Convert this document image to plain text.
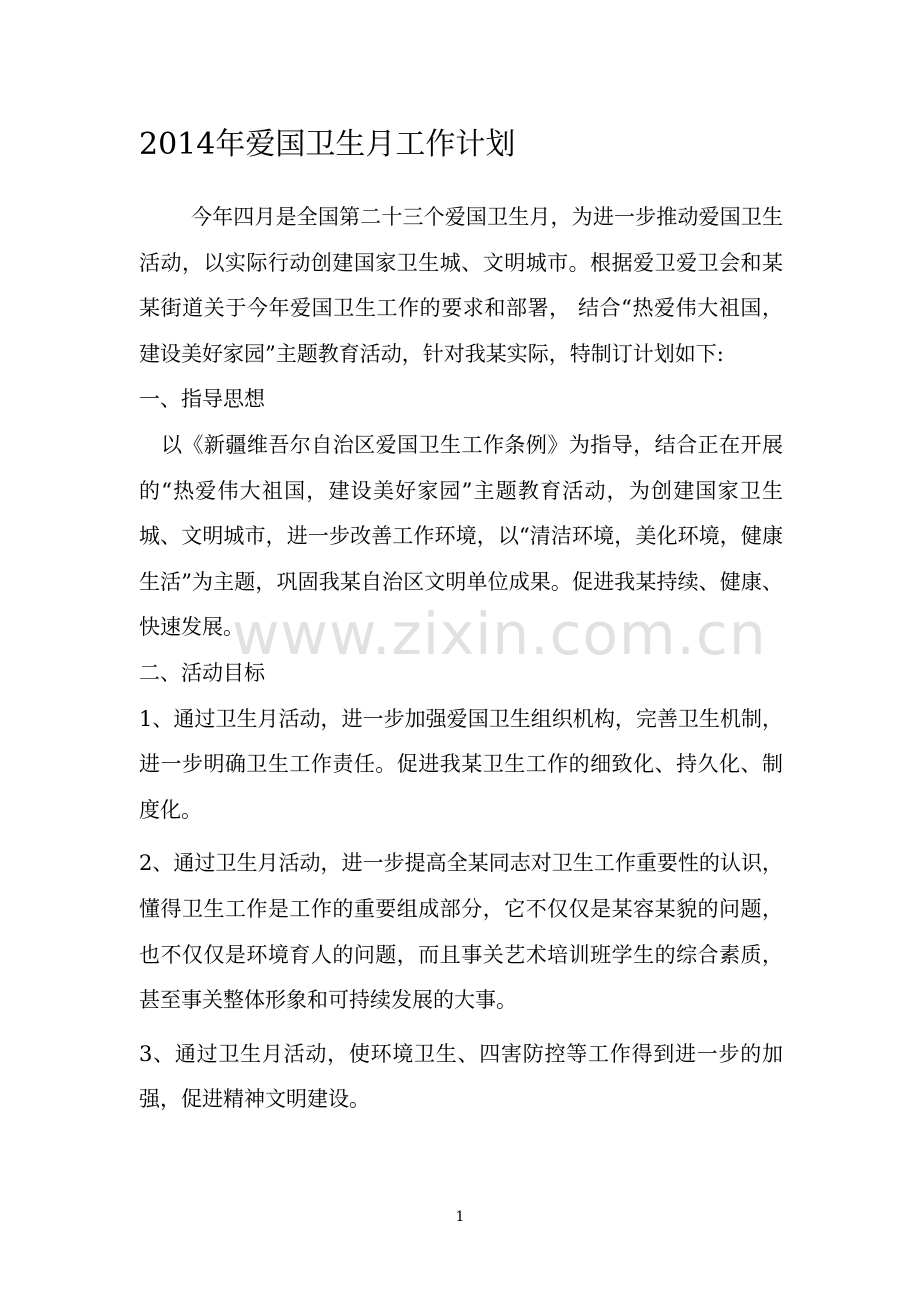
2014年爱国卫生月工作计划

今年四月是全国第二十三个爱国卫生月，为进一步推动爱国卫生活动，以实际行动创建国家卫生城、文明城市。根据爱卫爱卫会和某某街道关于今年爱国卫生工作的要求和部署， 结合“热爱伟大祖国，建设美好家园”主题教育活动，针对我某实际，特制订计划如下:

一、指导思想

以《新疆维吾尔自治区爱国卫生工作条例》为指导，结合正在开展的“热爱伟大祖国，建设美好家园”主题教育活动，为创建国家卫生城、文明城市，进一步改善工作环境，以“清洁环境，美化环境，健康生活”为主题，巩固我某自治区文明单位成果。促进我某持续、健康、快速发展。

二、活动目标

1、通过卫生月活动，进一步加强爱国卫生组织机构，完善卫生机制，进一步明确卫生工作责任。促进我某卫生工作的细致化、持久化、制度化。

2、通过卫生月活动，进一步提高全某同志对卫生工作重要性的认识，懂得卫生工作是工作的重要组成部分，它不仅仅是某容某貌的问题，也不仅仅是环境育人的问题，而且事关艺术培训班学生的综合素质，甚至事关整体形象和可持续发展的大事。

3、通过卫生月活动，使环境卫生、四害防控等工作得到进一步的加强，促进精神文明建设。

www.zixin.com.cn
1
